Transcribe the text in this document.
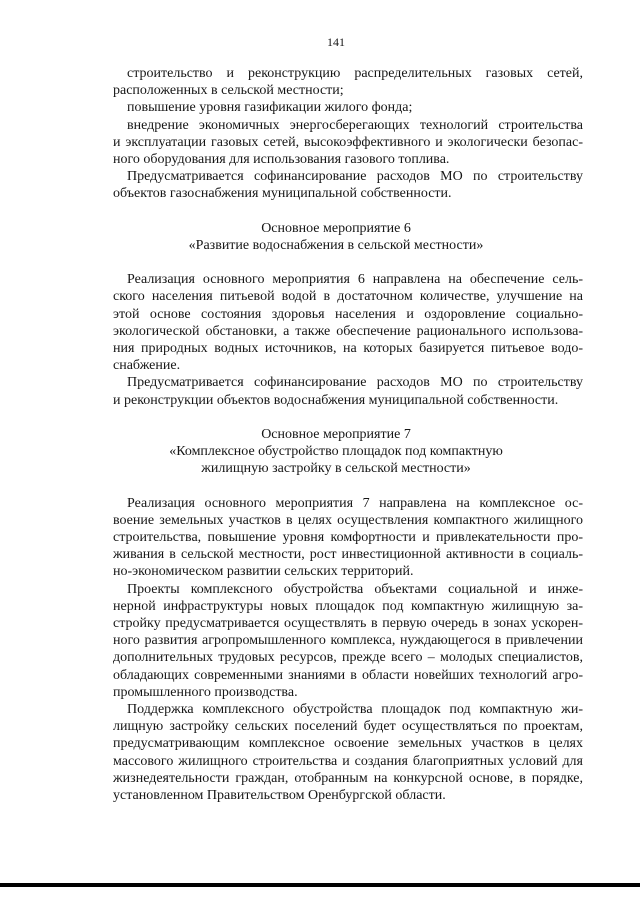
141
строительство и реконструкцию распределительных газовых сетей,
расположенных в сельской местности;
повышение уровня газификации жилого фонда;
внедрение экономичных энергосберегающих технологий строительства
и эксплуатации газовых сетей, высокоэффективного и экологически безопас-
ного оборудования для использования газового топлива.
Предусматривается софинансирование расходов МО по строительству
объектов газоснабжения муниципальной собственности.
Основное мероприятие 6
«Развитие водоснабжения в сельской местности»
Реализация основного мероприятия 6 направлена на обеспечение сель-
ского населения питьевой водой в достаточном количестве, улучшение на
этой основе состояния здоровья населения и оздоровление социально-
экологической обстановки, а также обеспечение рационального использова-
ния природных водных источников, на которых базируется питьевое водо-
снабжение.
Предусматривается софинансирование расходов МО по строительству
и реконструкции объектов водоснабжения муниципальной собственности.
Основное мероприятие 7
«Комплексное обустройство площадок под компактную
жилищную застройку в сельской местности»
Реализация основного мероприятия 7 направлена на комплексное ос-
воение земельных участков в целях осуществления компактного жилищного
строительства, повышение уровня комфортности и привлекательности про-
живания в сельской местности, рост инвестиционной активности в социаль-
но-экономическом развитии сельских территорий.
Проекты комплексного обустройства объектами социальной и инже-
нерной инфраструктуры новых площадок под компактную жилищную за-
стройку предусматривается осуществлять в первую очередь в зонах ускорен-
ного развития агропромышленного комплекса, нуждающегося в привлечении
дополнительных трудовых ресурсов, прежде всего – молодых специалистов,
обладающих современными знаниями в области новейших технологий агро-
промышленного производства.
Поддержка комплексного обустройства площадок под компактную жи-
лищную застройку сельских поселений будет осуществляться по проектам,
предусматривающим комплексное освоение земельных участков в целях
массового жилищного строительства и создания благоприятных условий для
жизнедеятельности граждан, отобранным на конкурсной основе, в порядке,
установленном Правительством Оренбургской области.
